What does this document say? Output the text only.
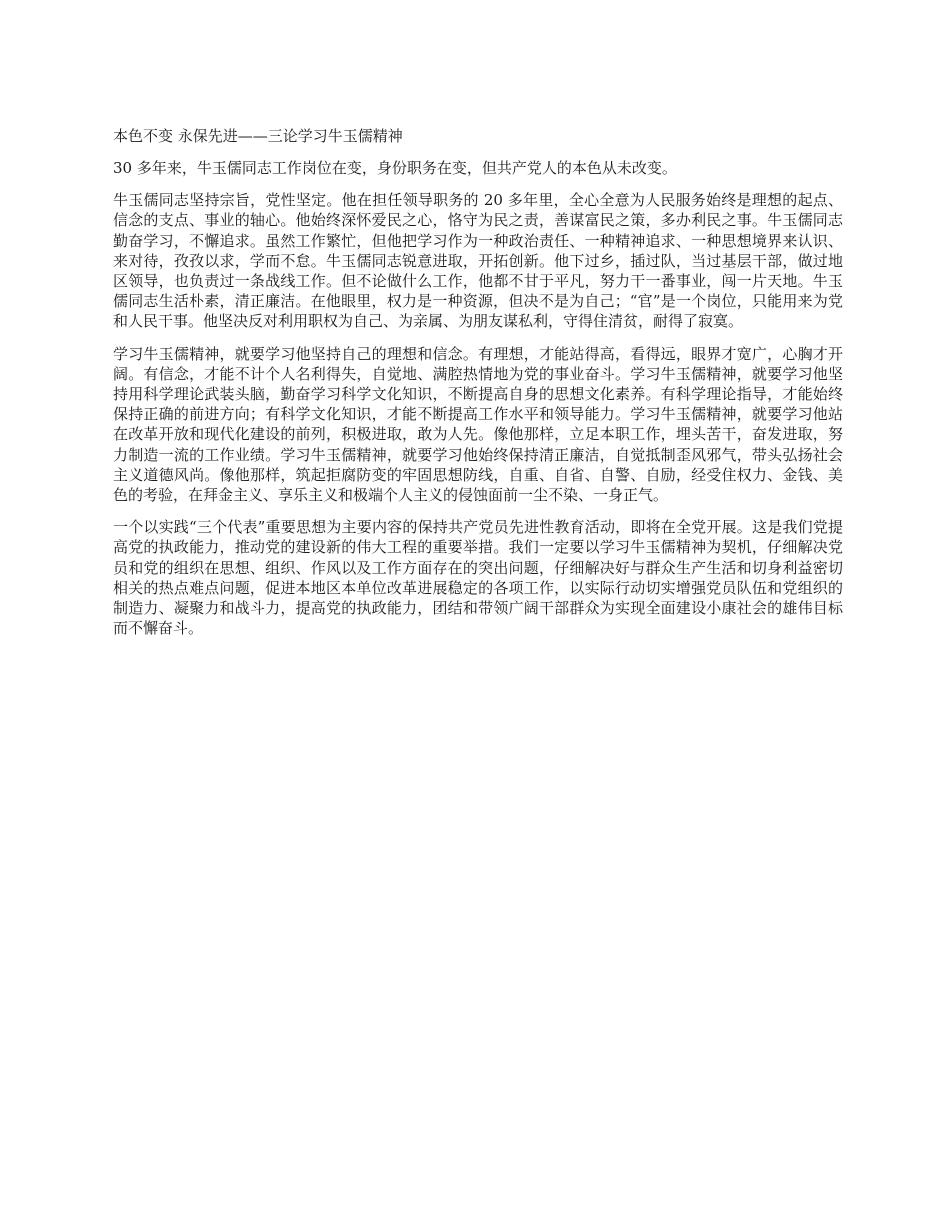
本色不变 永保先进——三论学习牛玉儒精神

30 多年来，牛玉儒同志工作岗位在变，身份职务在变，但共产党人的本色从未改变。

牛玉儒同志坚持宗旨，党性坚定。他在担任领导职务的 20 多年里，全心全意为人民服务始终是理想的起点、信念的支点、事业的轴心。他始终深怀爱民之心，恪守为民之责，善谋富民之策，多办利民之事。牛玉儒同志勤奋学习，不懈追求。虽然工作繁忙，但他把学习作为一种政治责任、一种精神追求、一种思想境界来认识、来对待，孜孜以求，学而不怠。牛玉儒同志锐意进取，开拓创新。他下过乡，插过队，当过基层干部，做过地区领导，也负责过一条战线工作。但不论做什么工作，他都不甘于平凡，努力干一番事业，闯一片天地。牛玉儒同志生活朴素，清正廉洁。在他眼里，权力是一种资源，但决不是为自己；“官”是一个岗位，只能用来为党和人民干事。他坚决反对利用职权为自己、为亲属、为朋友谋私利，守得住清贫，耐得了寂寞。

学习牛玉儒精神，就要学习他坚持自己的理想和信念。有理想，才能站得高，看得远，眼界才宽广，心胸才开阔。有信念，才能不计个人名利得失，自觉地、满腔热情地为党的事业奋斗。学习牛玉儒精神，就要学习他坚持用科学理论武装头脑，勤奋学习科学文化知识，不断提高自身的思想文化素养。有科学理论指导，才能始终保持正确的前进方向；有科学文化知识，才能不断提高工作水平和领导能力。学习牛玉儒精神，就要学习他站在改革开放和现代化建设的前列，积极进取，敢为人先。像他那样，立足本职工作，埋头苦干，奋发进取，努力制造一流的工作业绩。学习牛玉儒精神，就要学习他始终保持清正廉洁，自觉抵制歪风邪气，带头弘扬社会主义道德风尚。像他那样，筑起拒腐防变的牢固思想防线，自重、自省、自警、自励，经受住权力、金钱、美色的考验，在拜金主义、享乐主义和极端个人主义的侵蚀面前一尘不染、一身正气。

一个以实践“三个代表”重要思想为主要内容的保持共产党员先进性教育活动，即将在全党开展。这是我们党提高党的执政能力，推动党的建设新的伟大工程的重要举措。我们一定要以学习牛玉儒精神为契机，仔细解决党员和党的组织在思想、组织、作风以及工作方面存在的突出问题，仔细解决好与群众生产生活和切身利益密切相关的热点难点问题，促进本地区本单位改革进展稳定的各项工作，以实际行动切实增强党员队伍和党组织的制造力、凝聚力和战斗力，提高党的执政能力，团结和带领广阔干部群众为实现全面建设小康社会的雄伟目标而不懈奋斗。
